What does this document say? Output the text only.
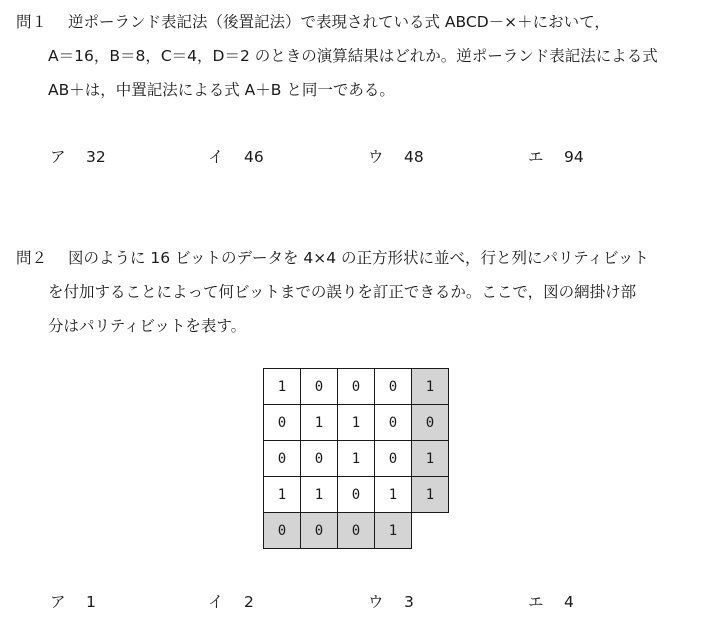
問１ 逆ポーランド表記法（後置記法）で表現されている式 ABCD－×＋において，
A＝16，B＝8，C＝4，D＝2 のときの演算結果はどれか。逆ポーランド表記法による式
AB＋は，中置記法による式 A＋B と同一である。
ア 32	イ 46	ウ 48	エ 94
問２ 図のように 16 ビットのデータを 4×4 の正方形状に並べ，行と列にパリティビット
を付加することによって何ビットまでの誤りを訂正できるか。ここで，図の網掛け部
分はパリティビットを表す。
1	0	0	0	1
0	1	1	0	0
0	0	1	0	1
1	1	0	1	1
0	0	0	1	
ア 1	イ 2	ウ 3	エ 4
